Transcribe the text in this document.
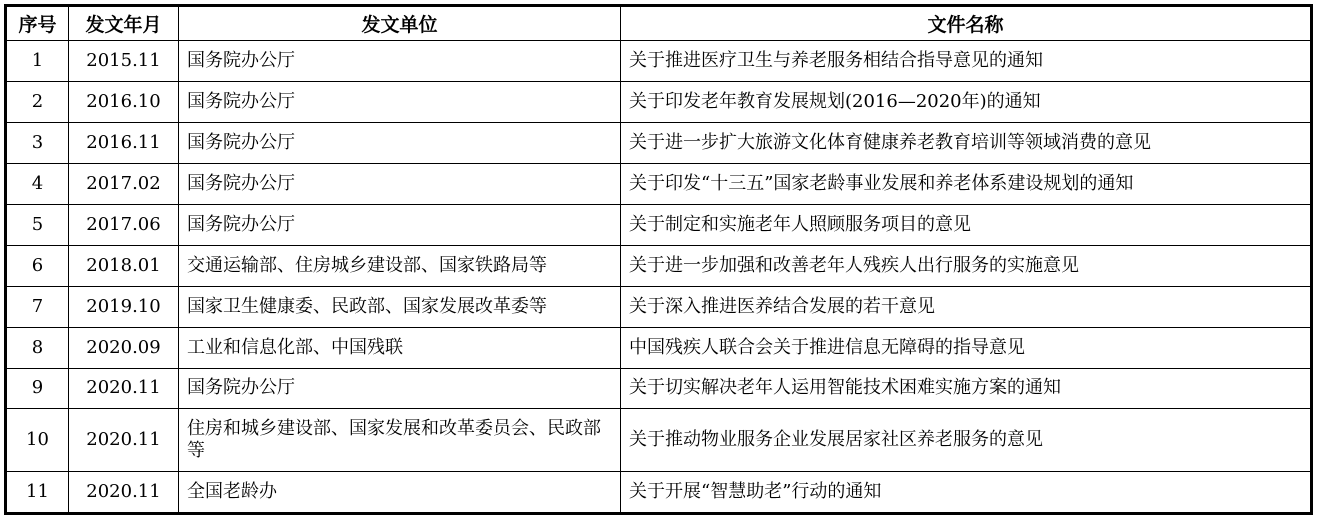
序号	发文年月	发文单位	文件名称
1	2015.11	国务院办公厅	关于推进医疗卫生与养老服务相结合指导意见的通知
2	2016.10	国务院办公厅	关于印发老年教育发展规划(2016—2020年)的通知
3	2016.11	国务院办公厅	关于进一步扩大旅游文化体育健康养老教育培训等领域消费的意见
4	2017.02	国务院办公厅	关于印发“十三五”国家老龄事业发展和养老体系建设规划的通知
5	2017.06	国务院办公厅	关于制定和实施老年人照顾服务项目的意见
6	2018.01	交通运输部、住房城乡建设部、国家铁路局等	关于进一步加强和改善老年人残疾人出行服务的实施意见
7	2019.10	国家卫生健康委、民政部、国家发展改革委等	关于深入推进医养结合发展的若干意见
8	2020.09	工业和信息化部、中国残联	中国残疾人联合会关于推进信息无障碍的指导意见
9	2020.11	国务院办公厅	关于切实解决老年人运用智能技术困难实施方案的通知
10	2020.11	住房和城乡建设部、国家发展和改革委员会、民政部等	关于推动物业服务企业发展居家社区养老服务的意见
11	2020.11	全国老龄办	关于开展“智慧助老”行动的通知
